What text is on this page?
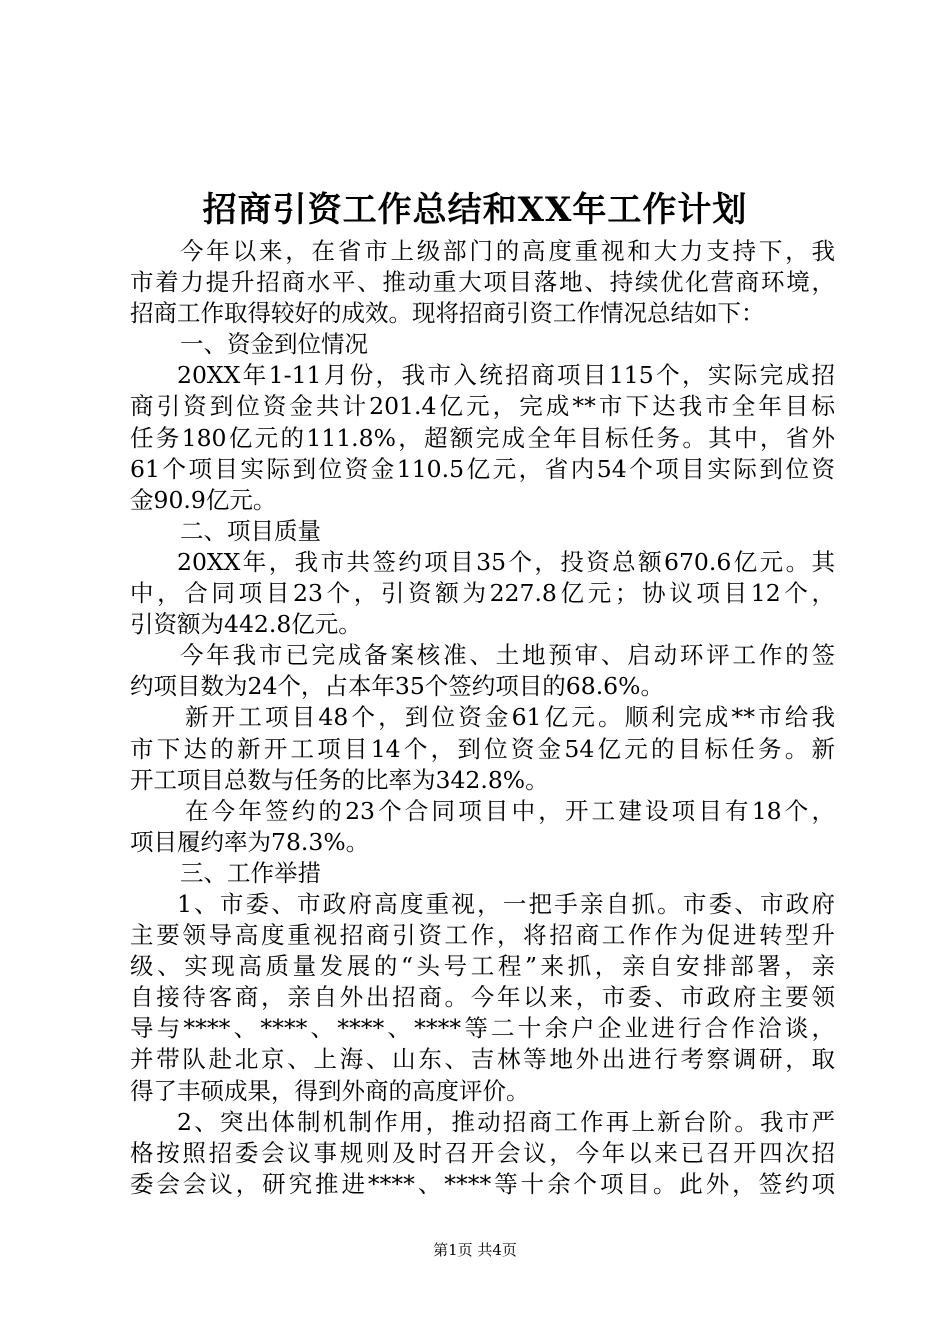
招商引资工作总结和XX年工作计划
今年以来，在省市上级部门的高度重视和大力支持下，我
市着力提升招商水平、推动重大项目落地、持续优化营商环境，
招商工作取得较好的成效。现将招商引资工作情况总结如下：
一、资金到位情况
20XX年1-11月份，我市入统招商项目115个，实际完成招
商引资到位资金共计201.4亿元，完成**市下达我市全年目标
任务180亿元的111.8%，超额完成全年目标任务。其中，省外
61个项目实际到位资金110.5亿元，省内54个项目实际到位资
金90.9亿元。
二、项目质量
20XX年，我市共签约项目35个，投资总额670.6亿元。其
中，合同项目23个，引资额为227.8亿元；协议项目12个，
引资额为442.8亿元。
今年我市已完成备案核准、土地预审、启动环评工作的签
约项目数为24个，占本年35个签约项目的68.6%。
新开工项目48个，到位资金61亿元。顺利完成**市给我
市下达的新开工项目14个，到位资金54亿元的目标任务。新
开工项目总数与任务的比率为342.8%。
在今年签约的23个合同项目中，开工建设项目有18个，
项目履约率为78.3%。
三、工作举措
1、市委、市政府高度重视，一把手亲自抓。市委、市政府
主要领导高度重视招商引资工作，将招商工作作为促进转型升
级、实现高质量发展的“头号工程”来抓，亲自安排部署，亲
自接待客商，亲自外出招商。今年以来，市委、市政府主要领
导与****、****、****、****等二十余户企业进行合作洽谈，
并带队赴北京、上海、山东、吉林等地外出进行考察调研，取
得了丰硕成果，得到外商的高度评价。
2、突出体制机制作用，推动招商工作再上新台阶。我市严
格按照招委会议事规则及时召开会议，今年以来已召开四次招
委会会议，研究推进****、****等十余个项目。此外，签约项
第1页 共4页
